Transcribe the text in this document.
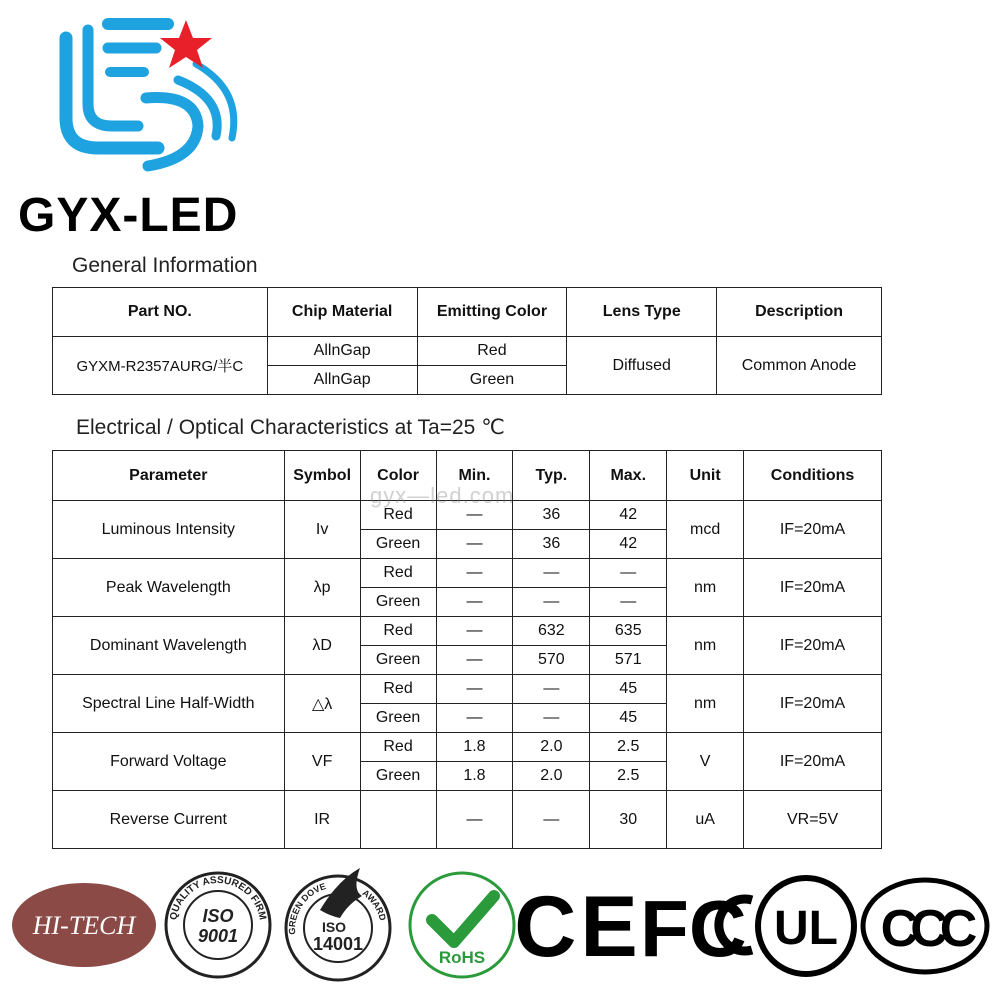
GYX-LED
General Information
Part NO.	Chip Material	Emitting Color	Lens Type	Description
GYXM-R2357AURG/半C	AllnGap	Red	Diffused	Common Anode
	AllnGap	Green		
Electrical / Optical Characteristics at Ta=25 ℃
Parameter	Symbol	Color	Min.	Typ.	Max.	Unit	Conditions
Luminous Intensity	Iv	Red	—	36	42	mcd	IF=20mA
		Green	—	36	42		
Peak Wavelength	λp	Red	—	—	—	nm	IF=20mA
		Green	—	—	—		
Dominant Wavelength	λD	Red	—	632	635	nm	IF=20mA
		Green	—	570	571		
Spectral Line Half-Width	△λ	Red	—	—	45	nm	IF=20mA
		Green	—	—	45		
Forward Voltage	VF	Red	1.8	2.0	2.5	V	IF=20mA
		Green	1.8	2.0	2.5		
Reverse Current	IR		—	—	30	uA	VR=5V
gyx—led.com
HI-TECH	QUALITY ASSURED FIRM
ISO
9001	GREEN DOVE
AWARD
ISO
14001
RoHS CE
FC UL CCC
